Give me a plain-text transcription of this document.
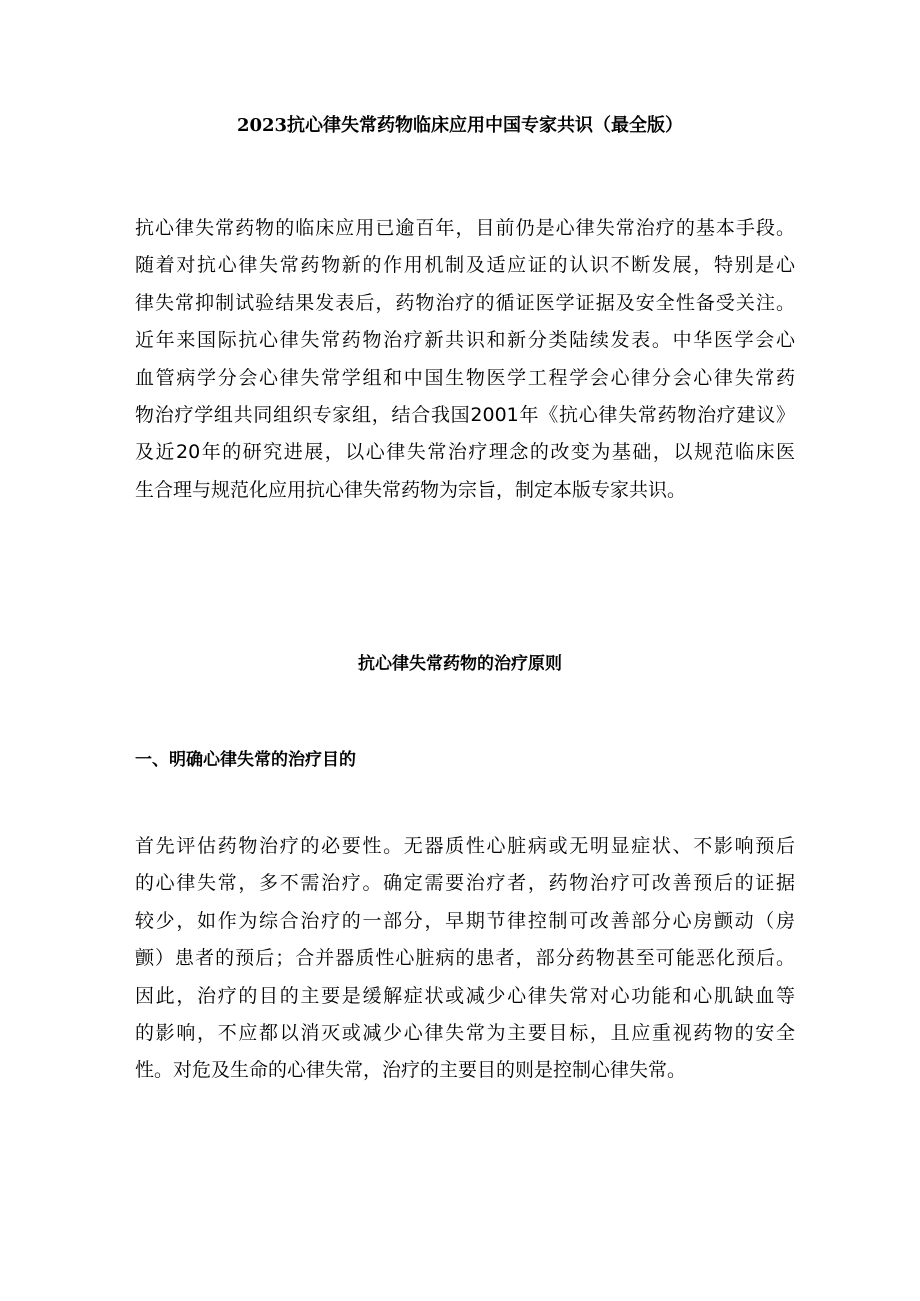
2023抗心律失常药物临床应用中国专家共识（最全版）
抗心律失常药物的临床应用已逾百年，目前仍是心律失常治疗的基本手段。
随着对抗心律失常药物新的作用机制及适应证的认识不断发展，特别是心
律失常抑制试验结果发表后，药物治疗的循证医学证据及安全性备受关注。
近年来国际抗心律失常药物治疗新共识和新分类陆续发表。中华医学会心
血管病学分会心律失常学组和中国生物医学工程学会心律分会心律失常药
物治疗学组共同组织专家组，结合我国2001年《抗心律失常药物治疗建议》
及近20年的研究进展，以心律失常治疗理念的改变为基础，以规范临床医
生合理与规范化应用抗心律失常药物为宗旨，制定本版专家共识。
抗心律失常药物的治疗原则
一、明确心律失常的治疗目的
首先评估药物治疗的必要性。无器质性心脏病或无明显症状、不影响预后
的心律失常，多不需治疗。确定需要治疗者，药物治疗可改善预后的证据
较少，如作为综合治疗的一部分，早期节律控制可改善部分心房颤动（房
颤）患者的预后；合并器质性心脏病的患者，部分药物甚至可能恶化预后。
因此，治疗的目的主要是缓解症状或减少心律失常对心功能和心肌缺血等
的影响，不应都以消灭或减少心律失常为主要目标，且应重视药物的安全
性。对危及生命的心律失常，治疗的主要目的则是控制心律失常。
